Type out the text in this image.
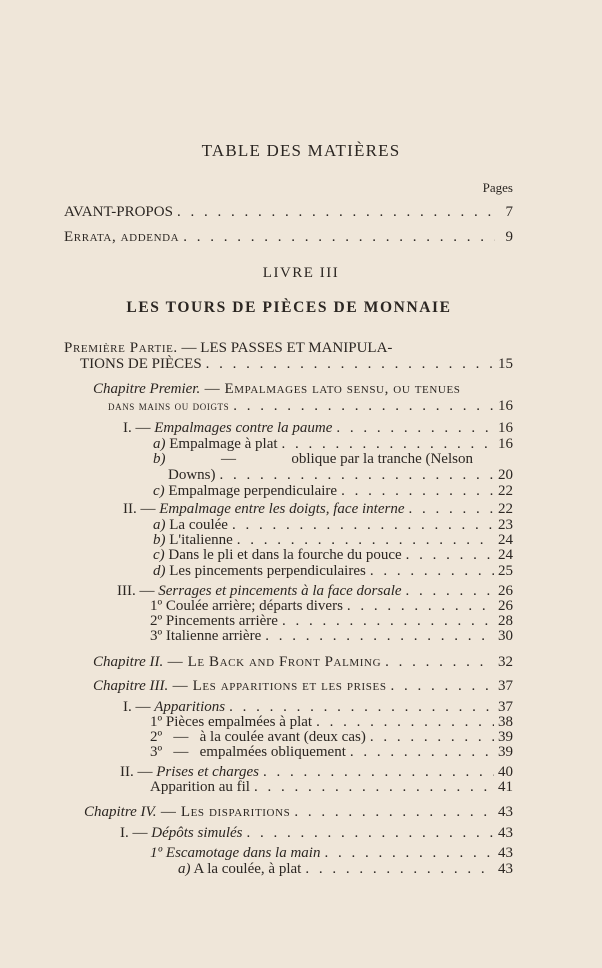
TABLE DES MATIÈRES
Pages
AVANT-PROPOS . . .	7
Errata, addenda . . .	9
LIVRE III
LES TOURS DE PIÈCES DE MONNAIE
Première Partie. — LES PASSES ET MANIPULA-
TIONS DE PIÈCES . . .	15
Chapitre Premier. — Empalmages lato sensu, ou tenues
dans mains ou doigts . . .	16
I. — Empalmages contre la paume . . .	16
a) Empalmage à plat . . .	16
b)	—	oblique par la tranche (Nelson
Downs) . . .	20
c) Empalmage perpendiculaire . . .	22
II. — Empalmage entre les doigts, face interne . . .	22
a) La coulée . . .	23
b) L'italienne . . .	24
c) Dans le pli et dans la fourche du pouce . . .	24
d) Les pincements perpendiculaires . . .	25
III. — Serrages et pincements à la face dorsale . . .	26
1º Coulée arrière; départs divers . . .	26
2º Pincements arrière . . .	28
3º Italienne arrière . . .	30
Chapitre II. — Le Back and Front Palming . . .	32
Chapitre III. — Les apparitions et les prises . . .	37
I. — Apparitions . . .	37
1º Pièces empalmées à plat . . .	38
2º   —   à la coulée avant (deux cas) . . .	39
3º   —   empalmées obliquement . . .	39
II. — Prises et charges . . .	40
Apparition au fil . . .	41
Chapitre IV. — Les disparitions . . .	43
I. — Dépôts simulés . . .	43
1º Escamotage dans la main . . .	43
a) A la coulée, à plat . . .	43
